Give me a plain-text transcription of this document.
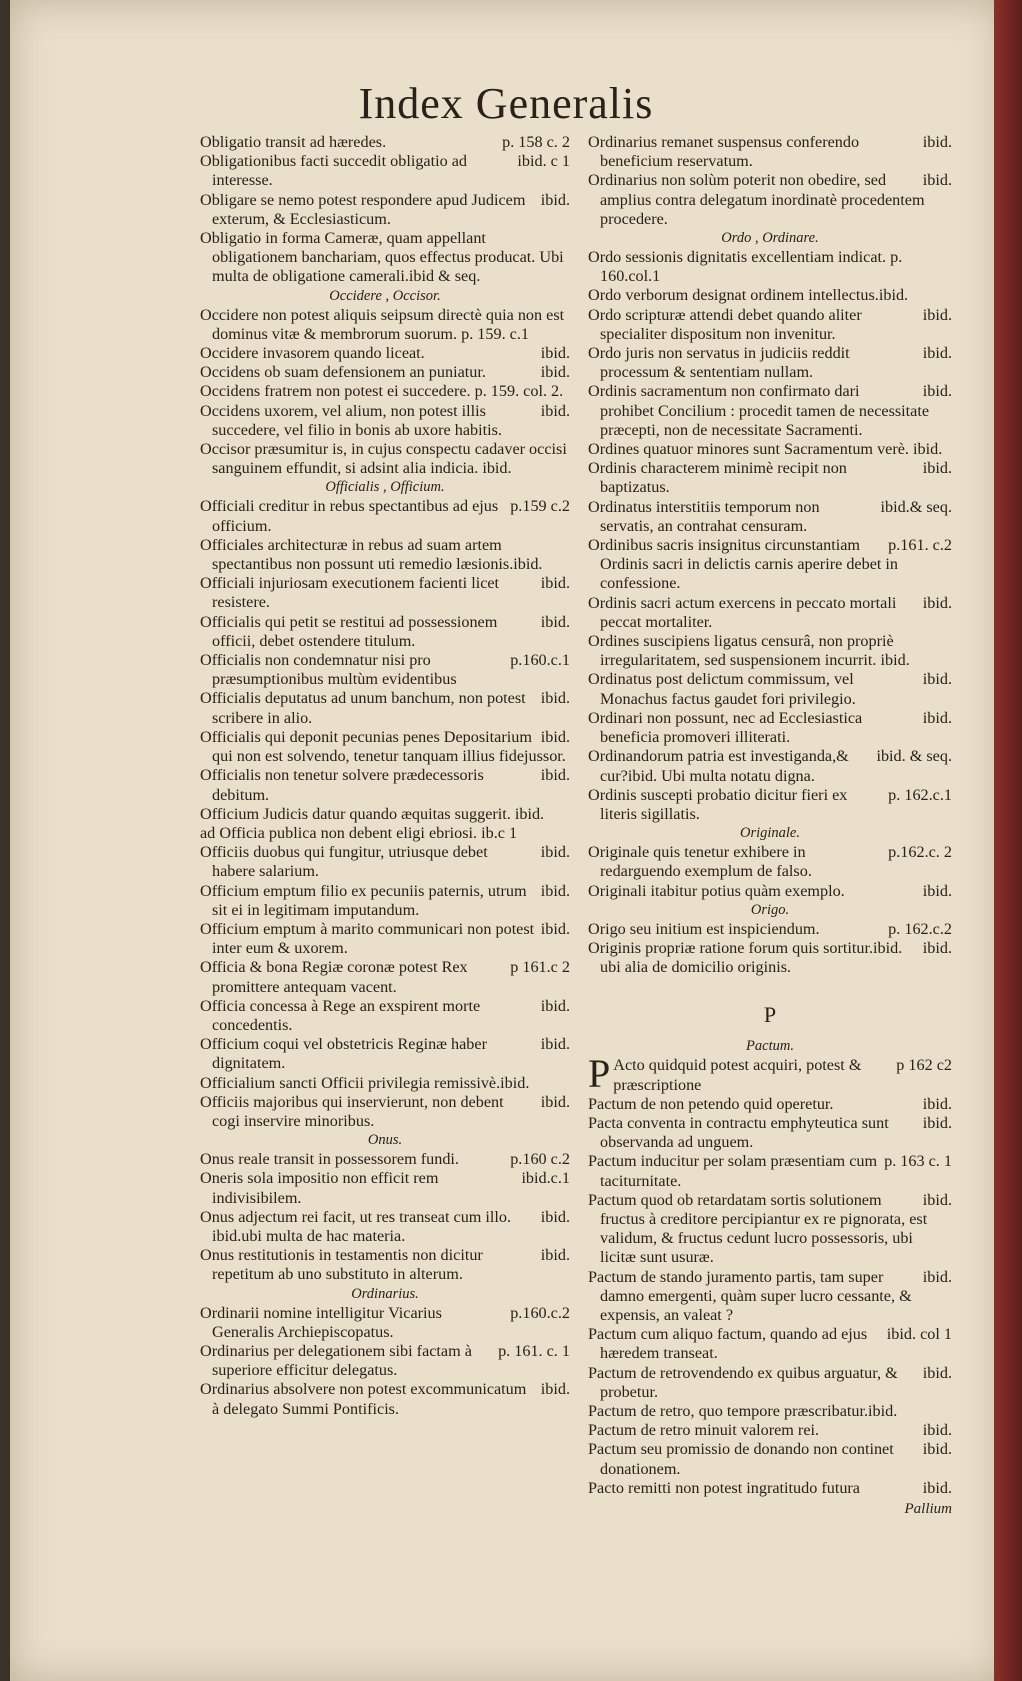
Index Generalis
p. 158 c. 2
Obligatio transit ad hæredes.
ibid. c 1
Obligationibus facti succedit obligatio ad interesse.
ibid.
Obligare se nemo potest respondere apud Judicem exterum, & Ecclesiasticum.
Obligatio in forma Cameræ, quam appellant obligationem banchariam, quos effectus producat. Ubi multa de obligatione camerali.ibid & seq.
Occidere , Occisor.
Occidere non potest aliquis seipsum directè quia non est dominus vitæ & membrorum suorum. p. 159. c.1
ibid.
Occidere invasorem quando liceat.
ibid.
Occidens ob suam defensionem an puniatur.
Occidens fratrem non potest ei succedere. p. 159. col. 2.
ibid.
Occidens uxorem, vel alium, non potest illis succedere, vel filio in bonis ab uxore habitis.
Occisor præsumitur is, in cujus conspectu cadaver occisi sanguinem effundit, si adsint alia indicia. ibid.
Officialis , Officium.
p.159 c.2
Officiali creditur in rebus spectantibus ad ejus officium.
Officiales architecturæ in rebus ad suam artem spectantibus non possunt uti remedio læsionis.ibid.
ibid.
Officiali injuriosam executionem facienti licet resistere.
ibid.
Officialis qui petit se restitui ad possessionem officii, debet ostendere titulum.
p.160.c.1
Officialis non condemnatur nisi pro præsumptionibus multùm evidentibus
ibid.
Officialis deputatus ad unum banchum, non potest scribere in alio.
ibid.
Officialis qui deponit pecunias penes Depositarium qui non est solvendo, tenetur tanquam illius fidejussor.
ibid.
Officialis non tenetur solvere prædecessoris debitum.
Officium Judicis datur quando æquitas suggerit. ibid.
ad Officia publica non debent eligi ebriosi. ib.c 1
ibid.
Officiis duobus qui fungitur, utriusque debet habere salarium.
ibid.
Officium emptum filio ex pecuniis paternis, utrum sit ei in legitimam imputandum.
ibid.
Officium emptum à marito communicari non potest inter eum & uxorem.
p 161.c 2
Officia & bona Regiæ coronæ potest Rex promittere antequam vacent.
ibid.
Officia concessa à Rege an exspirent morte concedentis.
ibid.
Officium coqui vel obstetricis Reginæ haber dignitatem.
Officialium sancti Officii privilegia remissivè.ibid.
ibid.
Officiis majoribus qui inservierunt, non debent cogi inservire minoribus.
Onus.
p.160 c.2
Onus reale transit in possessorem fundi.
ibid.c.1
Oneris sola impositio non efficit rem indivisibilem.
ibid.
Onus adjectum rei facit, ut res transeat cum illo. ibid.ubi multa de hac materia.
ibid.
Onus restitutionis in testamentis non dicitur repetitum ab uno substituto in alterum.
Ordinarius.
p.160.c.2
Ordinarii nomine intelligitur Vicarius Generalis Archiepiscopatus.
p. 161. c. 1
Ordinarius per delegationem sibi factam à superiore efficitur delegatus.
ibid.
Ordinarius absolvere non potest excommunicatum à delegato Summi Pontificis.
ibid.
Ordinarius remanet suspensus conferendo beneficium reservatum.
ibid.
Ordinarius non solùm poterit non obedire, sed amplius contra delegatum inordinatè procedentem procedere.
Ordo , Ordinare.
Ordo sessionis dignitatis excellentiam indicat. p. 160.col.1
Ordo verborum designat ordinem intellectus.ibid.
ibid.
Ordo scripturæ attendi debet quando aliter specialiter dispositum non invenitur.
ibid.
Ordo juris non servatus in judiciis reddit processum & sententiam nullam.
ibid.
Ordinis sacramentum non confirmato dari prohibet Concilium : procedit tamen de necessitate præcepti, non de necessitate Sacramenti.
Ordines quatuor minores sunt Sacramentum verè. ibid.
ibid.
Ordinis characterem minimè recipit non baptizatus.
ibid.& seq.
Ordinatus interstitiis temporum non servatis, an contrahat censuram.
p.161. c.2
Ordinibus sacris insignitus circunstantiam Ordinis sacri in delictis carnis aperire debet in confessione.
ibid.
Ordinis sacri actum exercens in peccato mortali peccat mortaliter.
Ordines suscipiens ligatus censurâ, non propriè irregularitatem, sed suspensionem incurrit. ibid.
ibid.
Ordinatus post delictum commissum, vel Monachus factus gaudet fori privilegio.
ibid.
Ordinari non possunt, nec ad Ecclesiastica beneficia promoveri illiterati.
ibid. & seq.
Ordinandorum patria est investiganda,& cur?ibid. Ubi multa notatu digna.
p. 162.c.1
Ordinis suscepti probatio dicitur fieri ex literis sigillatis.
Originale.
p.162.c. 2
Originale quis tenetur exhibere in redarguendo exemplum de falso.
ibid.
Originali itabitur potius quàm exemplo.
Origo.
p. 162.c.2
Origo seu initium est inspiciendum.
ibid.
Originis propriæ ratione forum quis sortitur.ibid. ubi alia de domicilio originis.
P
Pactum.
P	p 162 c2
Acto quidquid potest acquiri, potest & præscriptione
ibid.
Pactum de non petendo quid operetur.
ibid.
Pacta conventa in contractu emphyteutica sunt observanda ad unguem.
p. 163 c. 1
Pactum inducitur per solam præsentiam cum taciturnitate.
ibid.
Pactum quod ob retardatam sortis solutionem fructus à creditore percipiantur ex re pignorata, est validum, & fructus cedunt lucro possessoris, ubi licitæ sunt usuræ.
ibid.
Pactum de stando juramento partis, tam super damno emergenti, quàm super lucro cessante, & expensis, an valeat ?
ibid. col 1
Pactum cum aliquo factum, quando ad ejus hæredem transeat.
ibid.
Pactum de retrovendendo ex quibus arguatur, & probetur.
Pactum de retro, quo tempore præscribatur.ibid.
ibid.
Pactum de retro minuit valorem rei.
ibid.
Pactum seu promissio de donando non continet donationem.
ibid.
Pacto remitti non potest ingratitudo futura
Pallium
